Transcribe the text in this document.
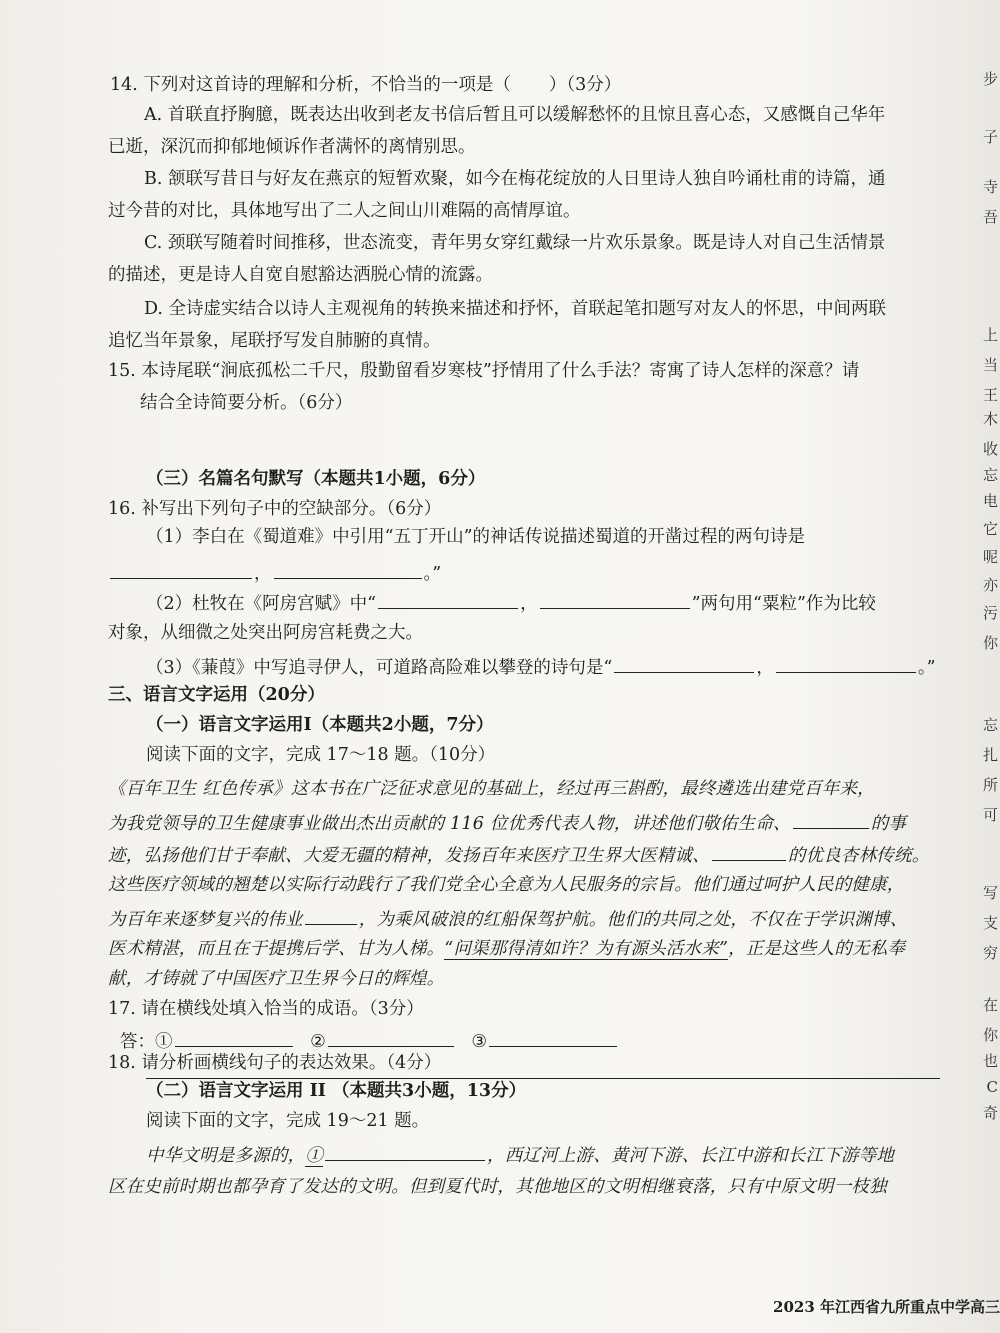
14. 下列对这首诗的理解和分析，不恰当的一项是（ ）（3分）
A. 首联直抒胸臆，既表达出收到老友书信后暂且可以缓解愁怀的且惊且喜心态，又感慨自己华年
已逝，深沉而抑郁地倾诉作者满怀的离情别思。
B. 颔联写昔日与好友在燕京的短暂欢聚，如今在梅花绽放的人日里诗人独自吟诵杜甫的诗篇，通
过今昔的对比，具体地写出了二人之间山川难隔的高情厚谊。
C. 颈联写随着时间推移，世态流变，青年男女穿红戴绿一片欢乐景象。既是诗人对自己生活情景
的描述，更是诗人自宽自慰豁达洒脱心情的流露。
D. 全诗虚实结合以诗人主观视角的转换来描述和抒怀，首联起笔扣题写对友人的怀思，中间两联
追忆当年景象，尾联抒写发自肺腑的真情。
15. 本诗尾联“涧底孤松二千尺，殷勤留看岁寒枝”抒情用了什么手法？寄寓了诗人怎样的深意？请
结合全诗简要分析。（6分）
（三）名篇名句默写（本题共1小题，6分）
16. 补写出下列句子中的空缺部分。（6分）
（1）李白在《蜀道难》中引用“五丁开山”的神话传说描述蜀道的开凿过程的两句诗是
，	。”
（2）杜牧在《阿房宫赋》中“	，	”两句用“粟粒”作为比较
对象，从细微之处突出阿房宫耗费之大。
（3）《蒹葭》中写追寻伊人，可道路高险难以攀登的诗句是“	，	。”
三、语言文字运用（20分）
（一）语言文字运用Ⅰ（本题共2小题，7分）
阅读下面的文字，完成 17～18 题。（10分）
《百年卫生 红色传承》这本书在广泛征求意见的基础上，经过再三斟酌，最终遴选出建党百年来，
为我党领导的卫生健康事业做出杰出贡献的 116 位优秀代表人物，讲述他们敬佑生命、	的事
迹，弘扬他们甘于奉献、大爱无疆的精神，发扬百年来医疗卫生界大医精诚、	的优良杏林传统。
这些医疗领域的翘楚以实际行动践行了我们党全心全意为人民服务的宗旨。他们通过呵护人民的健康，
为百年来逐梦复兴的伟业	，为乘风破浪的红船保驾护航。他们的共同之处，不仅在于学识渊博、
医术精湛，而且在于提携后学、甘为人梯。“问渠那得清如许？为有源头活水来”，正是这些人的无私奉
献，才铸就了中国医疗卫生界今日的辉煌。
17. 请在横线处填入恰当的成语。（3分）
答：①	②	③
18. 请分析画横线句子的表达效果。（4分）
（二）语言文字运用 II （本题共3小题，13分）
阅读下面的文字，完成 19～21 题。
中华文明是多源的，①	，西辽河上游、黄河下游、长江中游和长江下游等地
区在史前时期也都孕育了发达的文明。但到夏代时，其他地区的文明相继衰落，只有中原文明一枝独
2023 年江西省九所重点中学高三
步
子
寺
吾
上
当
王
木
收
忘
电
它
呢
亦
污
你
忘
扎
所
可
写
支
穷
在
你
也
C
奇
